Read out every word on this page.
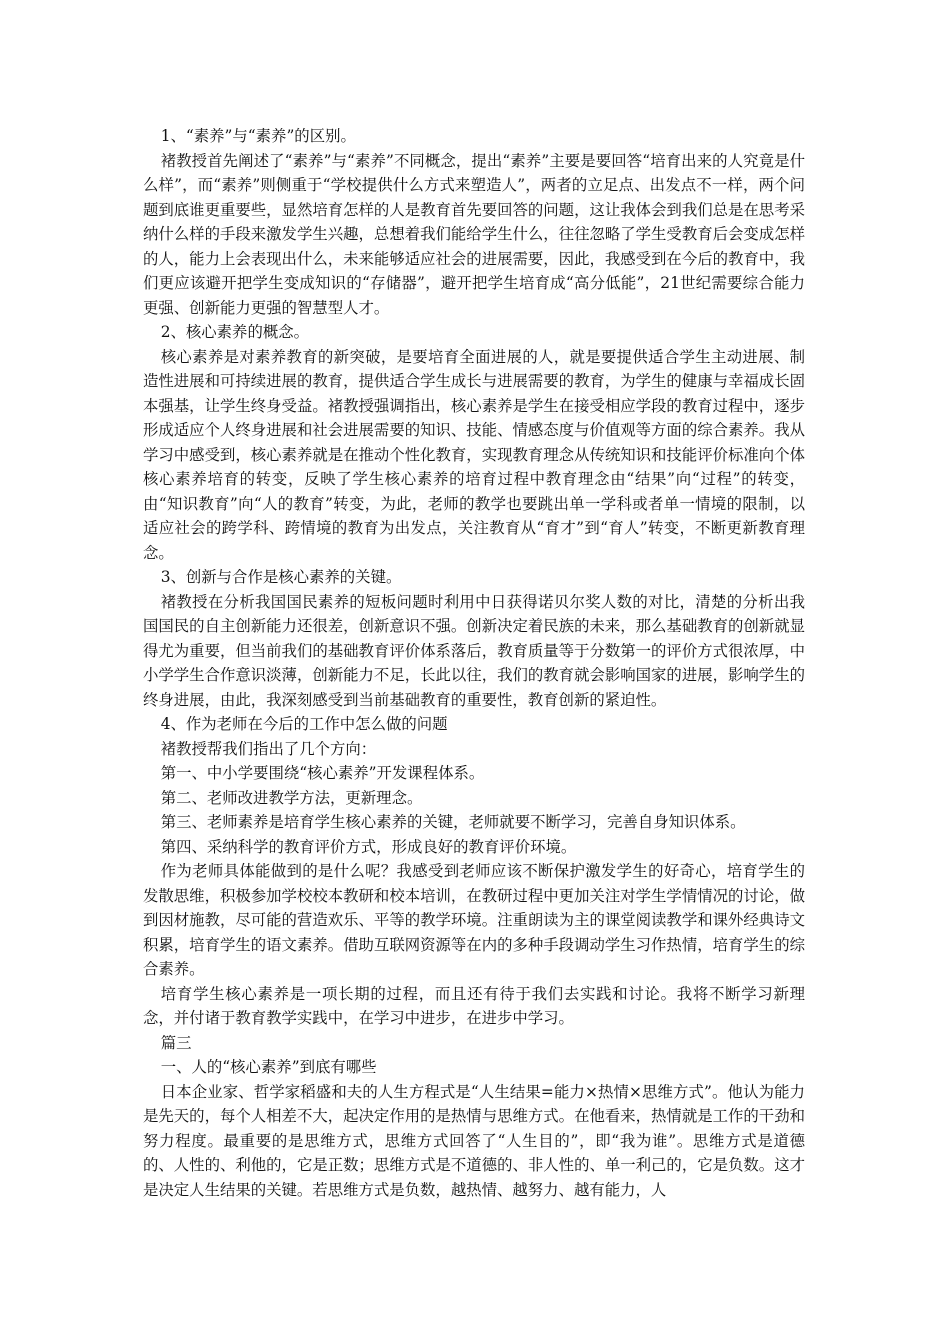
1、“素养”与“素养”的区别。

褚教授首先阐述了“素养”与“素养”不同概念，提出“素养”主要是要回答“培育出来的人究竟是什么样”，而“素养”则侧重于“学校提供什么方式来塑造人”，两者的立足点、出发点不一样，两个问题到底谁更重要些，显然培育怎样的人是教育首先要回答的问题，这让我体会到我们总是在思考采纳什么样的手段来激发学生兴趣，总想着我们能给学生什么，往往忽略了学生受教育后会变成怎样的人，能力上会表现出什么，未来能够适应社会的进展需要，因此，我感受到在今后的教育中，我们更应该避开把学生变成知识的“存储器”，避开把学生培育成“高分低能”，21世纪需要综合能力更强、创新能力更强的智慧型人才。

2、核心素养的概念。

核心素养是对素养教育的新突破，是要培育全面进展的人，就是要提供适合学生主动进展、制造性进展和可持续进展的教育，提供适合学生成长与进展需要的教育，为学生的健康与幸福成长固本强基，让学生终身受益。褚教授强调指出，核心素养是学生在接受相应学段的教育过程中，逐步形成适应个人终身进展和社会进展需要的知识、技能、情感态度与价值观等方面的综合素养。我从学习中感受到，核心素养就是在推动个性化教育，实现教育理念从传统知识和技能评价标准向个体核心素养培育的转变，反映了学生核心素养的培育过程中教育理念由“结果”向“过程”的转变，由“知识教育”向“人的教育”转变，为此，老师的教学也要跳出单一学科或者单一情境的限制，以适应社会的跨学科、跨情境的教育为出发点，关注教育从“育才”到“育人”转变，不断更新教育理念。

3、创新与合作是核心素养的关键。

褚教授在分析我国国民素养的短板问题时利用中日获得诺贝尔奖人数的对比，清楚的分析出我国国民的自主创新能力还很差，创新意识不强。创新决定着民族的未来，那么基础教育的创新就显得尤为重要，但当前我们的基础教育评价体系落后，教育质量等于分数第一的评价方式很浓厚，中小学学生合作意识淡薄，创新能力不足，长此以往，我们的教育就会影响国家的进展，影响学生的终身进展，由此，我深刻感受到当前基础教育的重要性，教育创新的紧迫性。

4、作为老师在今后的工作中怎么做的问题

褚教授帮我们指出了几个方向：

第一、中小学要围绕“核心素养”开发课程体系。

第二、老师改进教学方法，更新理念。

第三、老师素养是培育学生核心素养的关键，老师就要不断学习，完善自身知识体系。

第四、采纳科学的教育评价方式，形成良好的教育评价环境。

作为老师具体能做到的是什么呢？我感受到老师应该不断保护激发学生的好奇心，培育学生的发散思维，积极参加学校校本教研和校本培训，在教研过程中更加关注对学生学情情况的讨论，做到因材施教，尽可能的营造欢乐、平等的教学环境。注重朗读为主的课堂阅读教学和课外经典诗文积累，培育学生的语文素养。借助互联网资源等在内的多种手段调动学生习作热情，培育学生的综合素养。

培育学生核心素养是一项长期的过程，而且还有待于我们去实践和讨论。我将不断学习新理念，并付诸于教育教学实践中，在学习中进步，在进步中学习。

篇三

一、人的“核心素养”到底有哪些

日本企业家、哲学家稻盛和夫的人生方程式是“人生结果=能力×热情×思维方式”。他认为能力是先天的，每个人相差不大，起决定作用的是热情与思维方式。在他看来，热情就是工作的干劲和努力程度。最重要的是思维方式，思维方式回答了“人生目的”，即“我为谁”。思维方式是道德的、人性的、利他的，它是正数；思维方式是不道德的、非人性的、单一利己的，它是负数。这才是决定人生结果的关键。若思维方式是负数，越热情、越努力、越有能力，人
